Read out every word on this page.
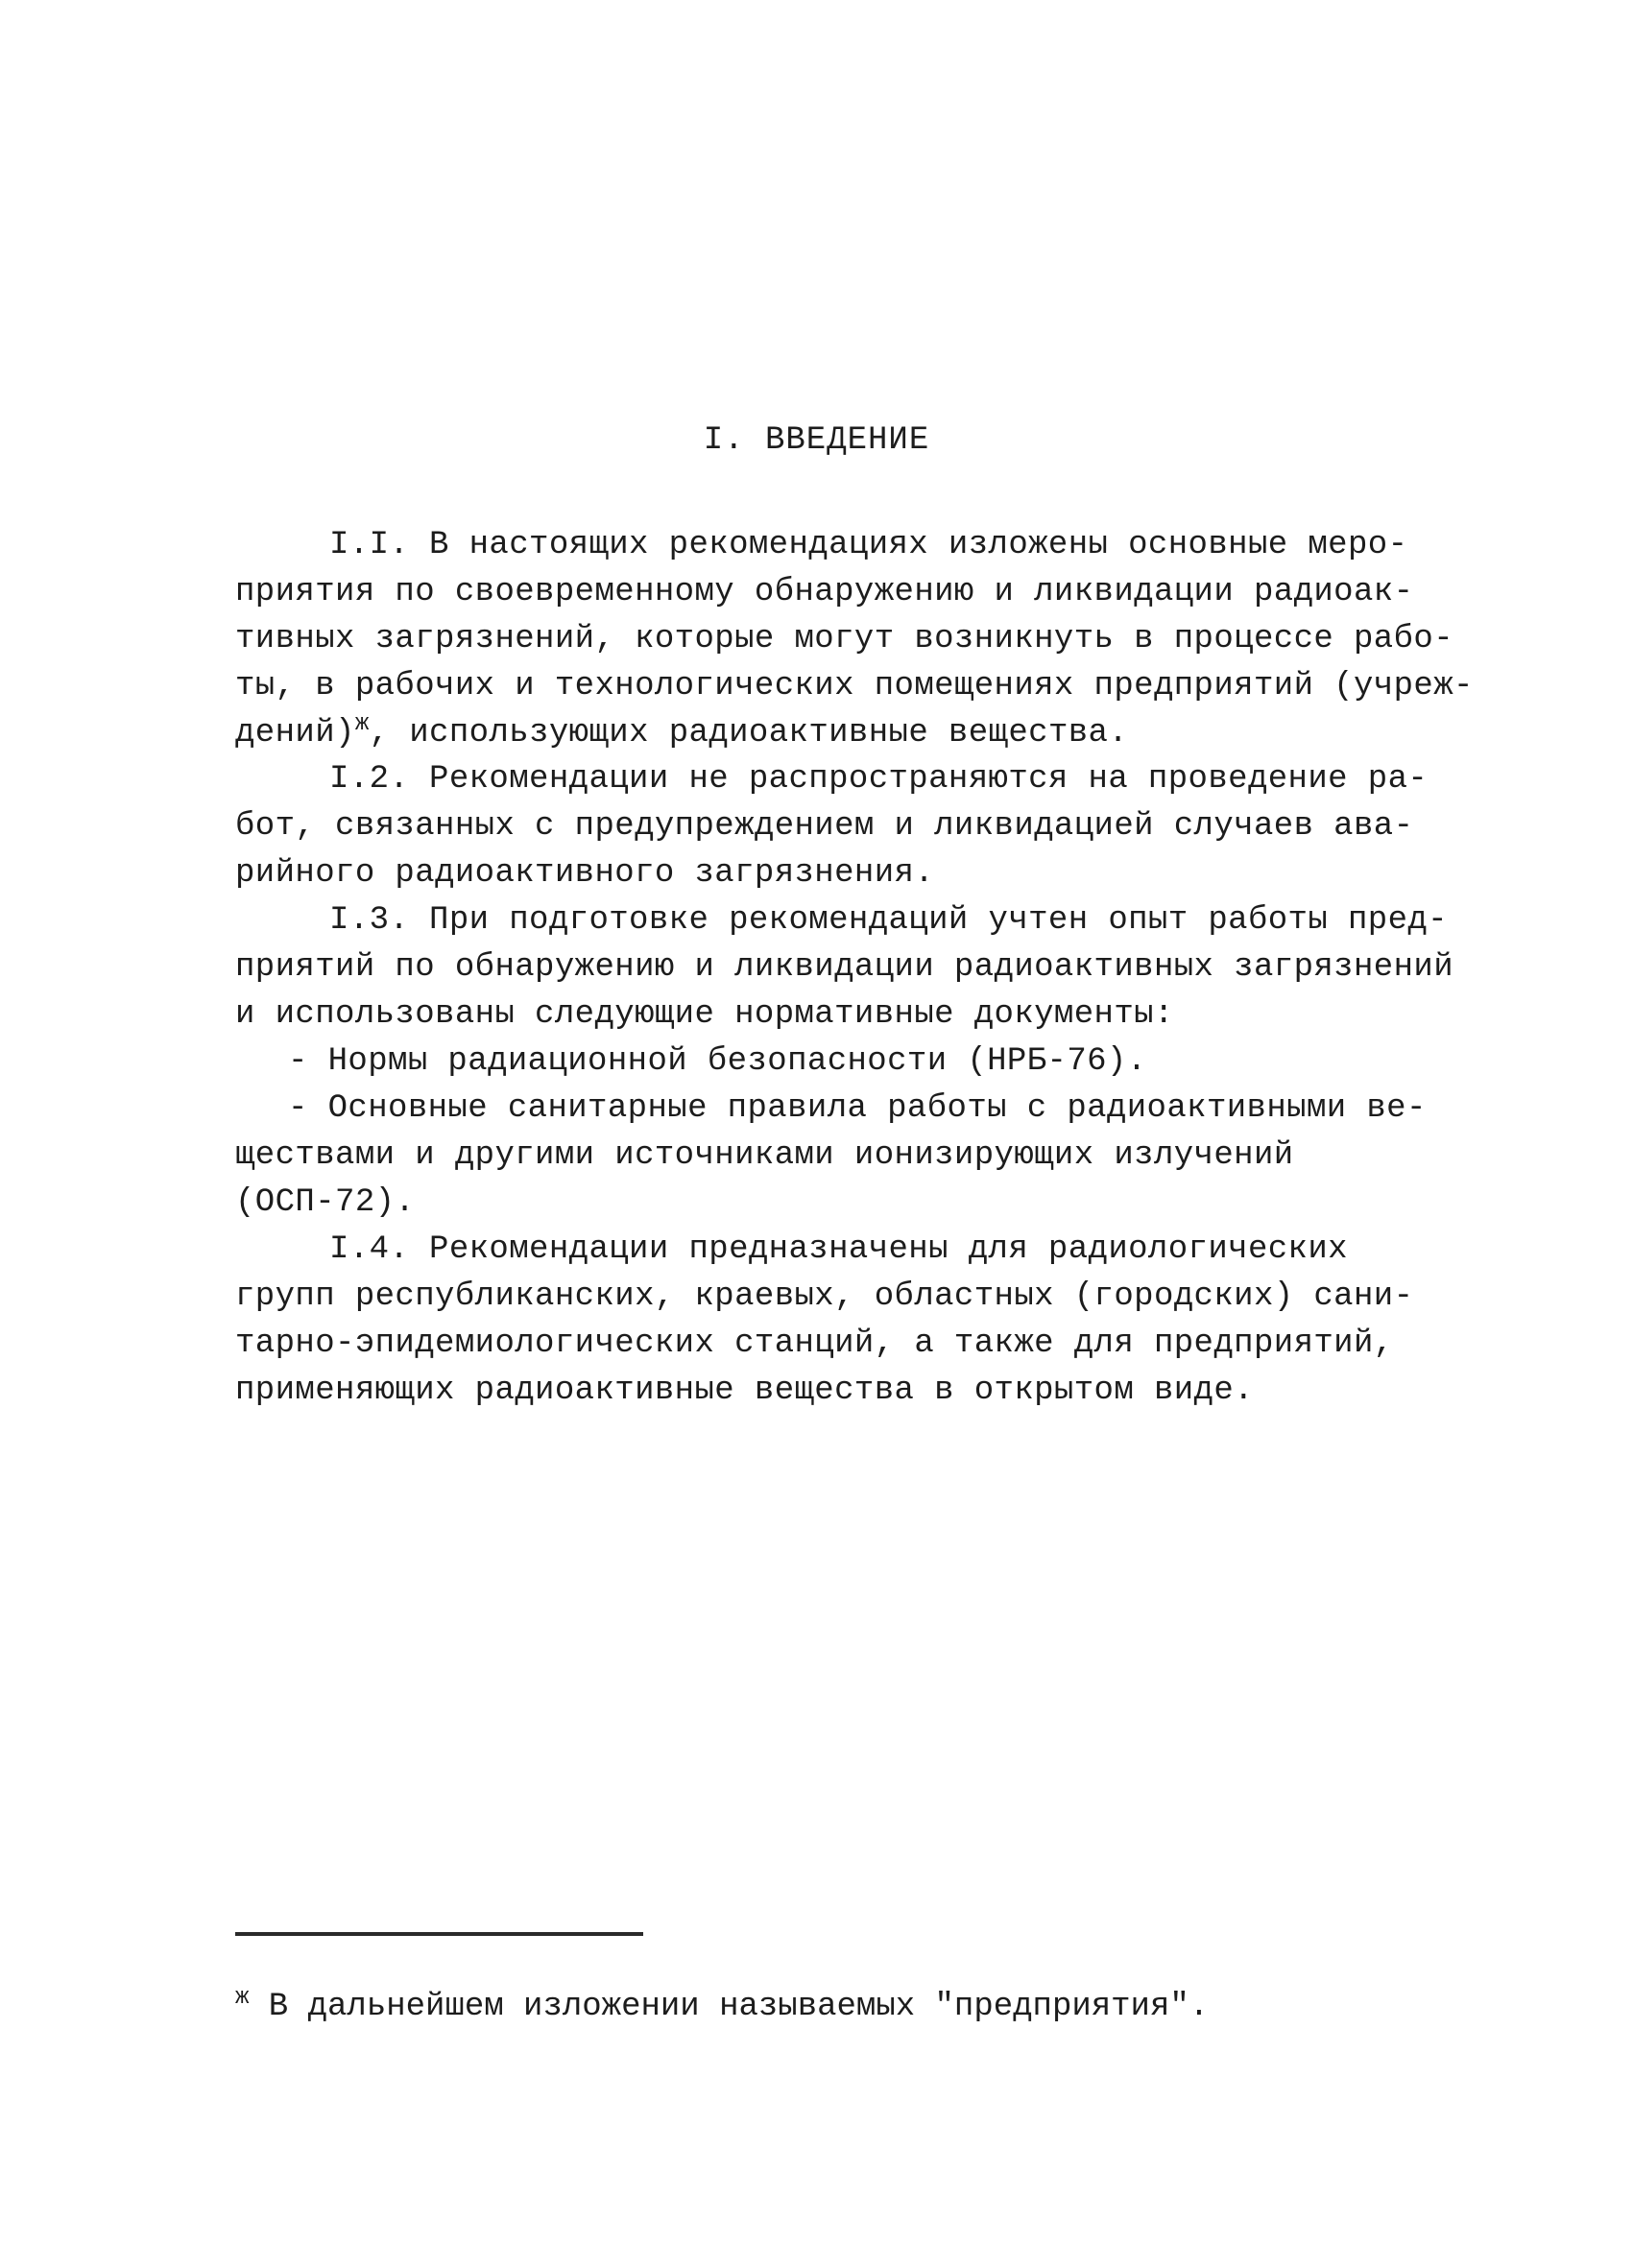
I. ВВЕДЕНИЕ
I.I. В настоящих рекомендациях изложены основные меро-
приятия по своевременному обнаружению и ликвидации радиоак-
тивных загрязнений, которые могут возникнуть в процессе рабо-
ты, в рабочих и технологических помещениях предприятий (учреж-
дений)$^ж$, использующих радиоактивные вещества.
I.2. Рекомендации не распространяются на проведение ра-
бот, связанных с предупреждением и ликвидацией случаев ава-
рийного радиоактивного загрязнения.
I.3. При подготовке рекомендаций учтен опыт работы пред-
приятий по обнаружению и ликвидации радиоактивных загрязнений
и использованы следующие нормативные документы:
- Нормы радиационной безопасности (НРБ-76).
- Основные санитарные правила работы с радиоактивными ве-
ществами и другими источниками ионизирующих излучений
(ОСП-72).
I.4. Рекомендации предназначены для радиологических
групп республиканских, краевых, областных (городских) сани-
тарно-эпидемиологических станций, а также для предприятий,
применяющих радиоактивные вещества в открытом виде.
$^ж$ В дальнейшем изложении называемых "предприятия".
